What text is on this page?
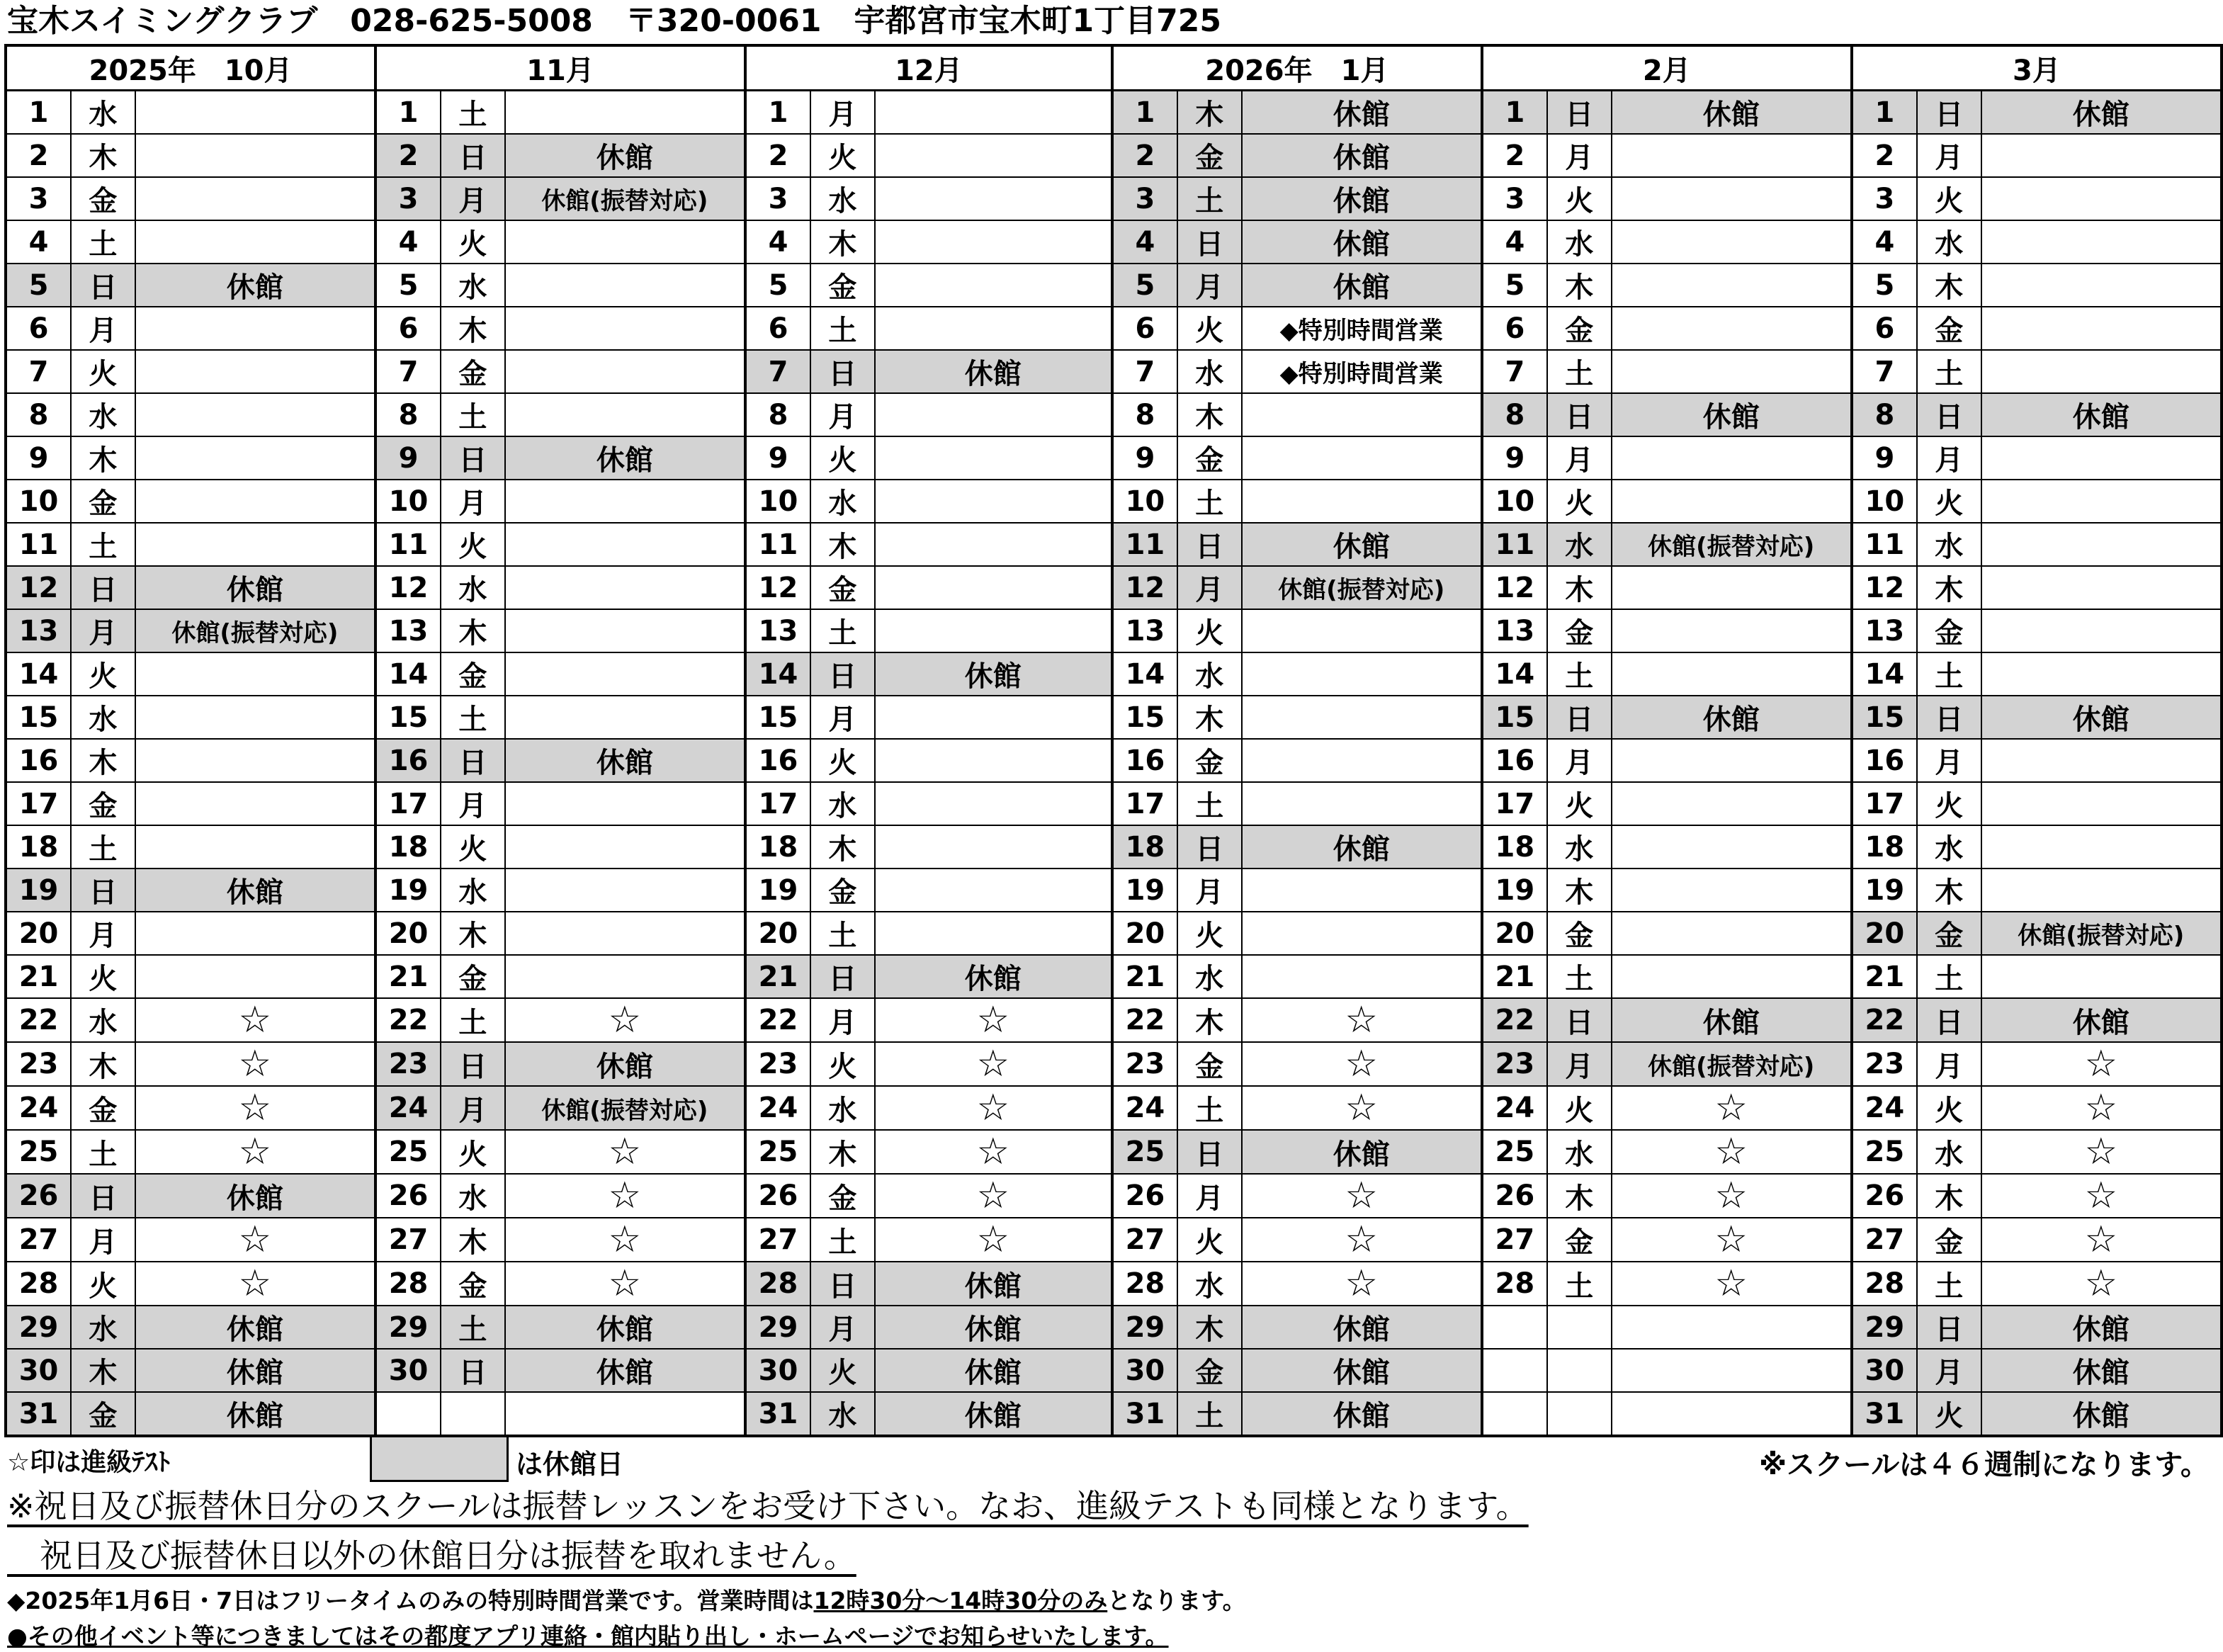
宝木スイミングクラブ 028-625-5008 〒320-0061 宇都宮市宝木町1丁目725
2025年　10月			11月			12月			2026年　1月			2月			3月		
1	水		1	土		1	月		1	木	休館	1	日	休館	1	日	休館
2	木		2	日	休館	2	火		2	金	休館	2	月		2	月	
3	金		3	月	休館(振替対応)	3	水		3	土	休館	3	火		3	火	
4	土		4	火		4	木		4	日	休館	4	水		4	水	
5	日	休館	5	水		5	金		5	月	休館	5	木		5	木	
6	月		6	木		6	土		6	火	◆特別時間営業	6	金		6	金	
7	火		7	金		7	日	休館	7	水	◆特別時間営業	7	土		7	土	
8	水		8	土		8	月		8	木		8	日	休館	8	日	休館
9	木		9	日	休館	9	火		9	金		9	月		9	月	
10	金		10	月		10	水		10	土		10	火		10	火	
11	土		11	火		11	木		11	日	休館	11	水	休館(振替対応)	11	水	
12	日	休館	12	水		12	金		12	月	休館(振替対応)	12	木		12	木	
13	月	休館(振替対応)	13	木		13	土		13	火		13	金		13	金	
14	火		14	金		14	日	休館	14	水		14	土		14	土	
15	水		15	土		15	月		15	木		15	日	休館	15	日	休館
16	木		16	日	休館	16	火		16	金		16	月		16	月	
17	金		17	月		17	水		17	土		17	火		17	火	
18	土		18	火		18	木		18	日	休館	18	水		18	水	
19	日	休館	19	水		19	金		19	月		19	木		19	木	
20	月		20	木		20	土		20	火		20	金		20	金	休館(振替対応)
21	火		21	金		21	日	休館	21	水		21	土		21	土	
22	水	☆	22	土	☆	22	月	☆	22	木	☆	22	日	休館	22	日	休館
23	木	☆	23	日	休館	23	火	☆	23	金	☆	23	月	休館(振替対応)	23	月	☆
24	金	☆	24	月	休館(振替対応)	24	水	☆	24	土	☆	24	火	☆	24	火	☆
25	土	☆	25	火	☆	25	木	☆	25	日	休館	25	水	☆	25	水	☆
26	日	休館	26	水	☆	26	金	☆	26	月	☆	26	木	☆	26	木	☆
27	月	☆	27	木	☆	27	土	☆	27	火	☆	27	金	☆	27	金	☆
28	火	☆	28	金	☆	28	日	休館	28	水	☆	28	土	☆	28	土	☆
29	水	休館	29	土	休館	29	月	休館	29	木	休館				29	日	休館
30	木	休館	30	日	休館	30	火	休館	30	金	休館				30	月	休館
31	金	休館				31	水	休館	31	土	休館				31	火	休館
☆印は進級ﾃｽﾄ	は休館日	※スクールは４６週制になります。
※祝日及び振替休日分のスクールは振替レッスンをお受け下さい。なお、進級テストも同様となります。
　祝日及び振替休日以外の休館日分は振替を取れません。
◆2025年1月6日・7日はフリータイムのみの特別時間営業です。営業時間は12時30分～14時30分のみとなります。
●その他イベント等につきましてはその都度アプリ連絡・館内貼り出し・ホームページでお知らせいたします。
